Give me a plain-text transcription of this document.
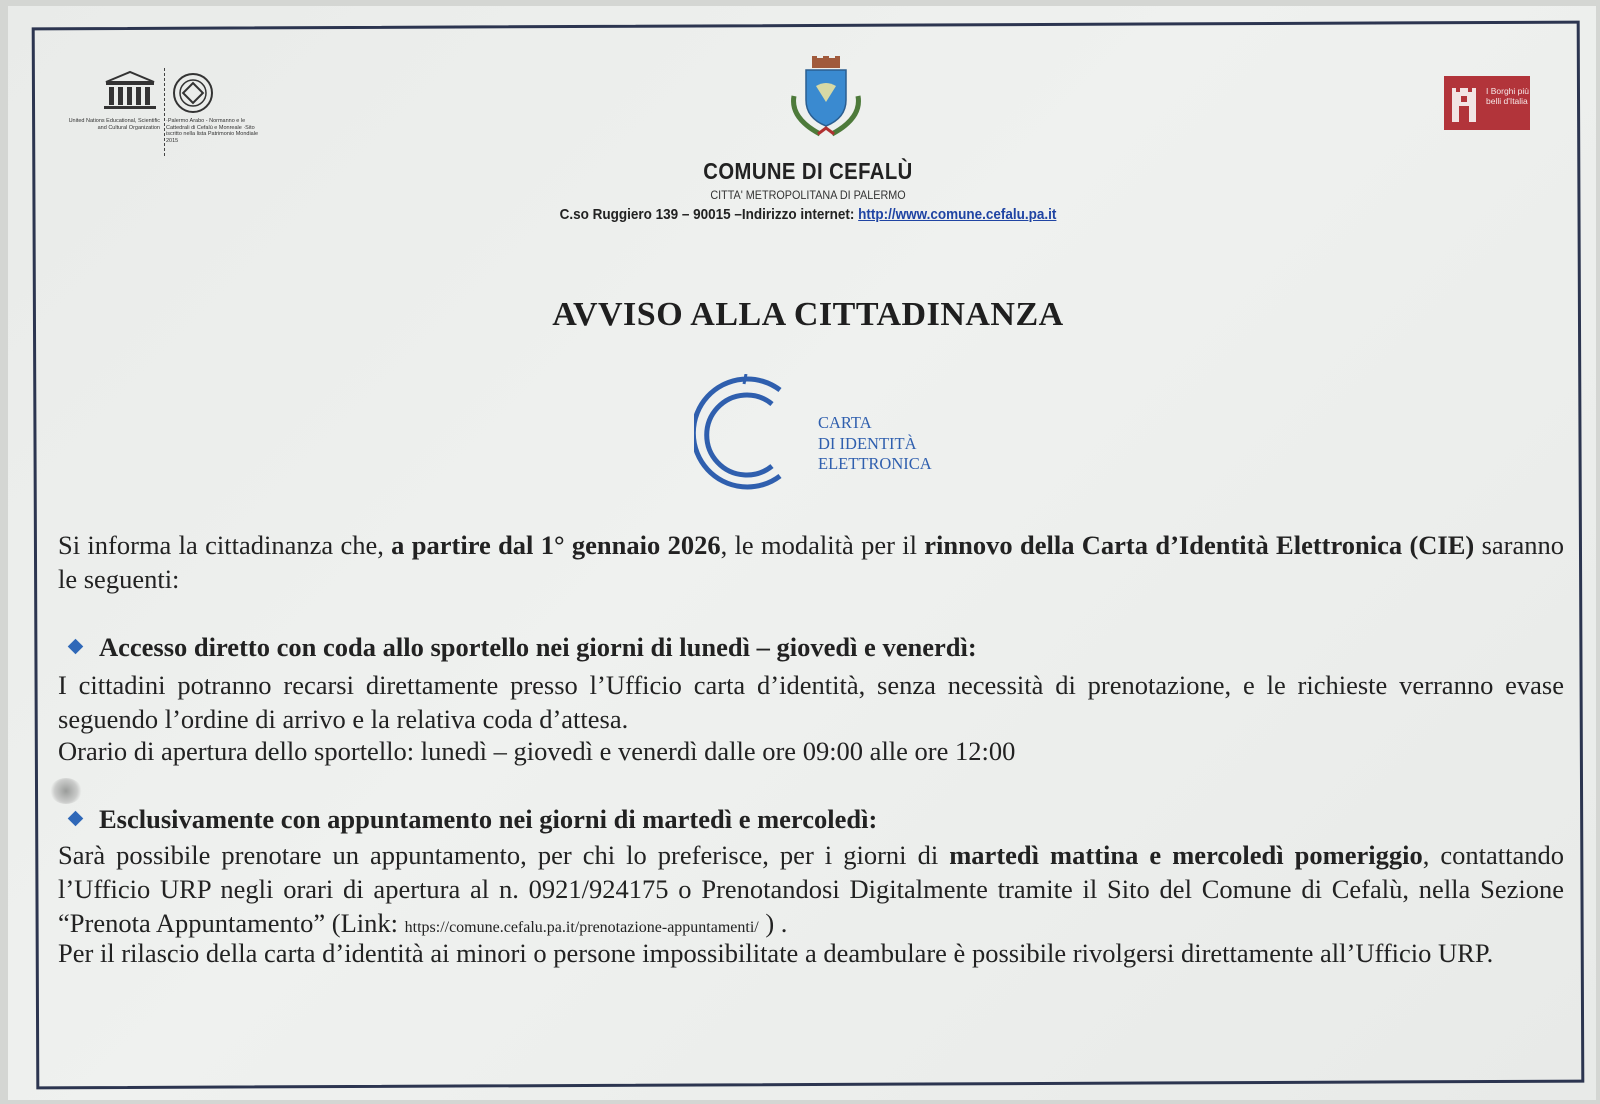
United Nations Educational, Scientific and Cultural Organization
·Palermo Arabo - Normanno e le Cattedrali di Cefalù e Monreale ·Sito iscritto nella lista Patrimonio Mondiale 2015
I Borghi più belli d'Italia
COMUNE DI CEFALÙ
CITTA' METROPOLITANA DI PALERMO
C.so Ruggiero 139 – 90015 –Indirizzo internet: http://www.comune.cefalu.pa.it
AVVISO ALLA CITTADINANZA
CARTA
DI IDENTITÀ
ELETTRONICA
Si informa la cittadinanza che, a partire dal 1° gennaio 2026, le modalità per il rinnovo della Carta d’Identità Elettronica (CIE) saranno le seguenti:
Accesso diretto con coda allo sportello nei giorni di lunedì – giovedì e venerdì:
I cittadini potranno recarsi direttamente presso l’Ufficio carta d’identità, senza necessità di prenotazione, e le richieste verranno evase seguendo l’ordine di arrivo e la relativa coda d’attesa.
Orario di apertura dello sportello: lunedì – giovedì e venerdì dalle ore 09:00 alle ore 12:00
Esclusivamente con appuntamento nei giorni di martedì e mercoledì:
Sarà possibile prenotare un appuntamento, per chi lo preferisce, per i giorni di martedì mattina e mercoledì pomeriggio, contattando l’Ufficio URP negli orari di apertura al n. 0921/924175 o Prenotandosi Digitalmente tramite il Sito del Comune di Cefalù, nella Sezione “Prenota Appuntamento” (Link: https://comune.cefalu.pa.it/prenotazione-appuntamenti/ ) .
Per il rilascio della carta d’identità ai minori o persone impossibilitate a deambulare è possibile rivolgersi direttamente all’Ufficio URP.
